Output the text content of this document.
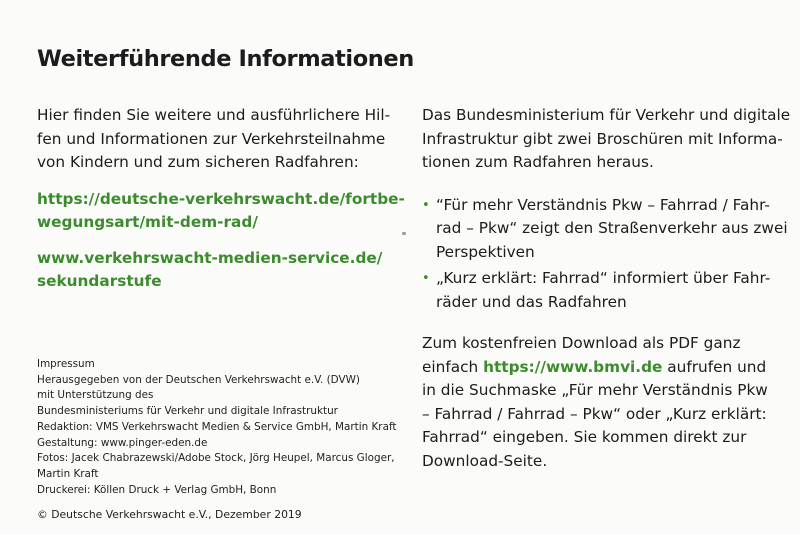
Weiterführende Informationen

Hier finden Sie weitere und ausführlichere Hil-
fen und Informationen zur Verkehrsteilnahme
von Kindern und zum sicheren Radfahren:

https://deutsche-verkehrswacht.de/fortbe-
wegungsart/mit-dem-rad/
www.verkehrswacht-medien-service.de/
sekundarstufe

Das Bundesministerium für Verkehr und digitale
Infrastruktur gibt zwei Broschüren mit Informa-
tionen zum Radfahren heraus.

• “Für mehr Verständnis Pkw – Fahrrad / Fahr-
rad – Pkw“ zeigt den Straßenverkehr aus zwei
Perspektiven
• „Kurz erklärt: Fahrrad“ informiert über Fahr-
räder und das Radfahren

Zum kostenfreien Download als PDF ganz
einfach https://www.bmvi.de aufrufen und
in die Suchmaske „Für mehr Verständnis Pkw
– Fahrrad / Fahrrad – Pkw“ oder „Kurz erklärt:
Fahrrad“ eingeben. Sie kommen direkt zur
Download-Seite.

Impressum
Herausgegeben von der Deutschen Verkehrswacht e.V. (DVW)
mit Unterstützung des
Bundesministeriums für Verkehr und digitale Infrastruktur
Redaktion: VMS Verkehrswacht Medien & Service GmbH, Martin Kraft
Gestaltung: www.pinger-eden.de
Fotos: Jacek Chabrazewski/Adobe Stock, Jörg Heupel, Marcus Gloger,
Martin Kraft
Druckerei: Köllen Druck + Verlag GmbH, Bonn
© Deutsche Verkehrswacht e.V., Dezember 2019
